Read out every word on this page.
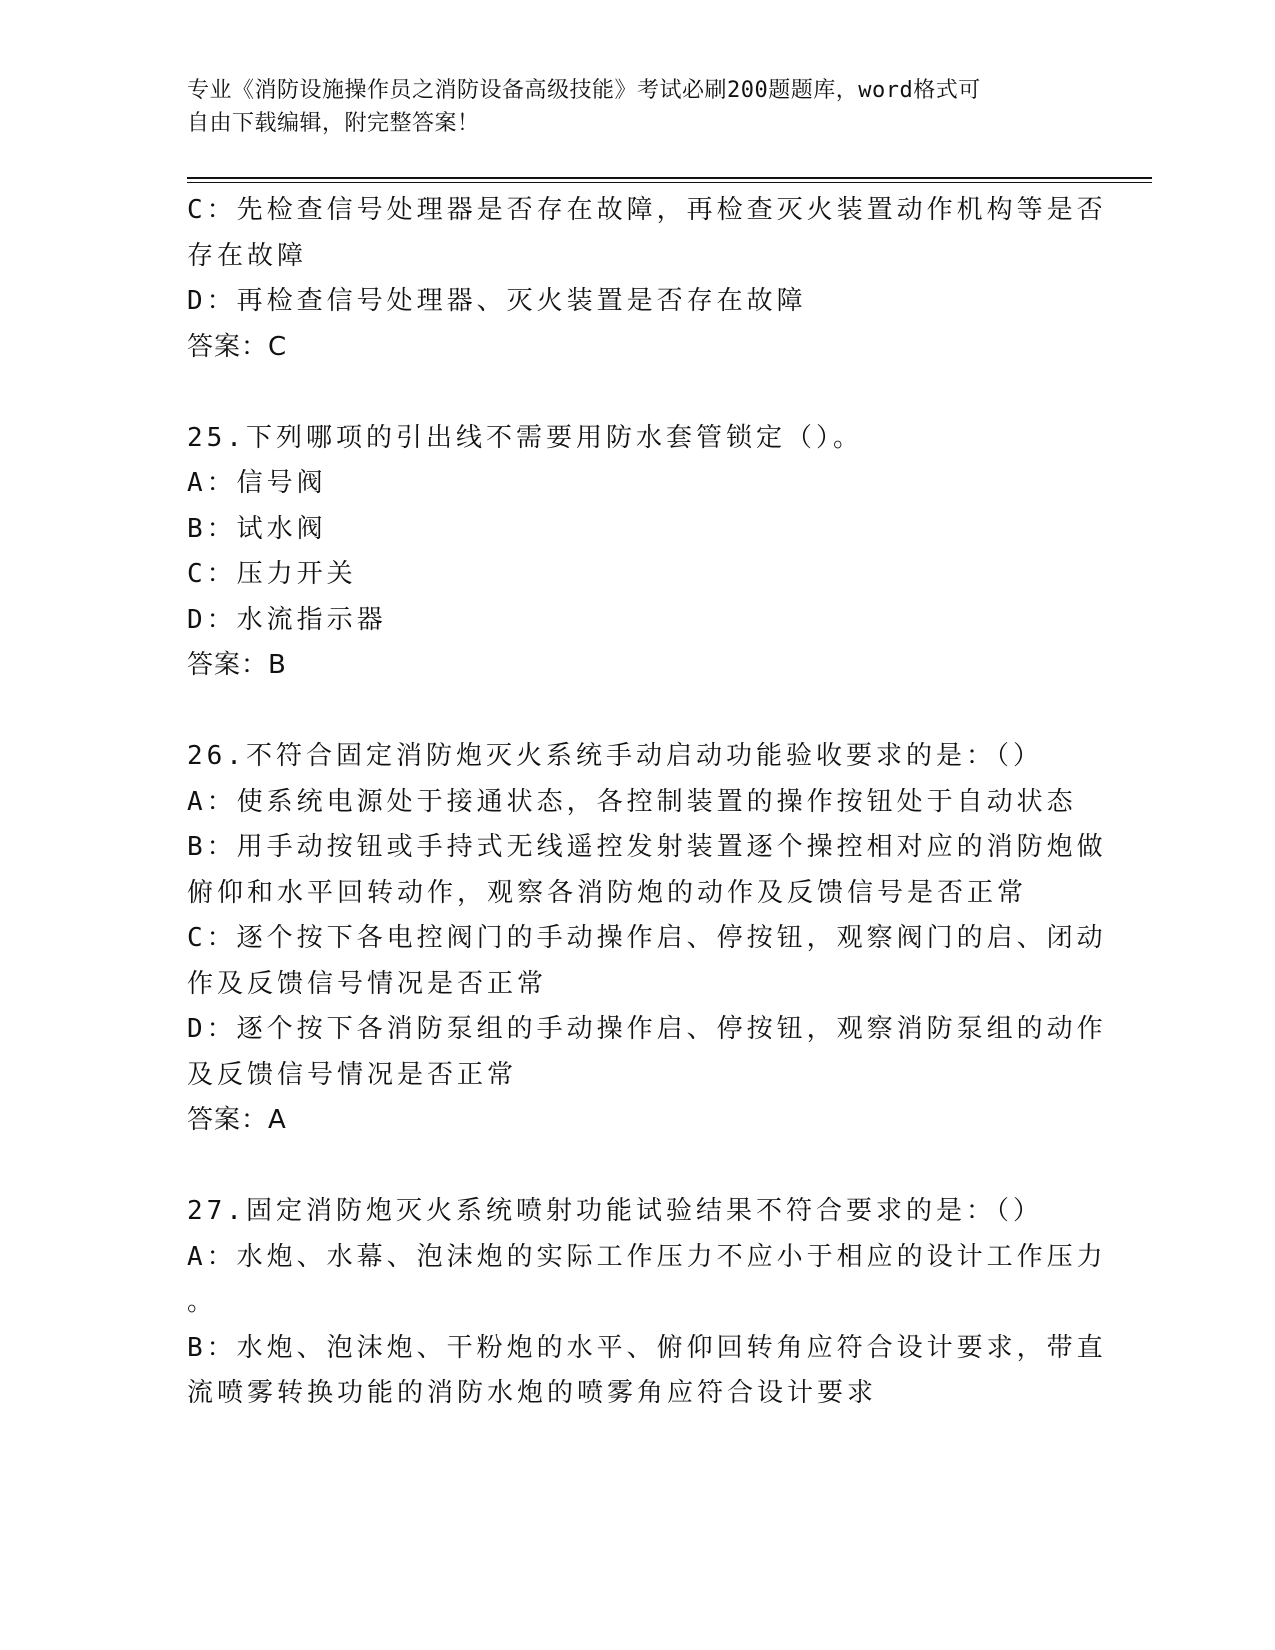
专业《消防设施操作员之消防设备高级技能》考试必刷200题题库，word格式可
自由下载编辑，附完整答案！

C：先检查信号处理器是否存在故障，再检查灭火装置动作机构等是否

存在故障

D：再检查信号处理器、灭火装置是否存在故障

答案：C

25.下列哪项的引出线不需要用防水套管锁定（）。

A：信号阀

B：试水阀

C：压力开关

D：水流指示器

答案：B

26.不符合固定消防炮灭火系统手动启动功能验收要求的是：（）

A：使系统电源处于接通状态，各控制装置的操作按钮处于自动状态

B：用手动按钮或手持式无线遥控发射装置逐个操控相对应的消防炮做

俯仰和水平回转动作，观察各消防炮的动作及反馈信号是否正常

C：逐个按下各电控阀门的手动操作启、停按钮，观察阀门的启、闭动

作及反馈信号情况是否正常

D：逐个按下各消防泵组的手动操作启、停按钮，观察消防泵组的动作

及反馈信号情况是否正常

答案：A

27.固定消防炮灭火系统喷射功能试验结果不符合要求的是：（）

A：水炮、水幕、泡沫炮的实际工作压力不应小于相应的设计工作压力

。

B：水炮、泡沫炮、干粉炮的水平、俯仰回转角应符合设计要求，带直

流喷雾转换功能的消防水炮的喷雾角应符合设计要求
